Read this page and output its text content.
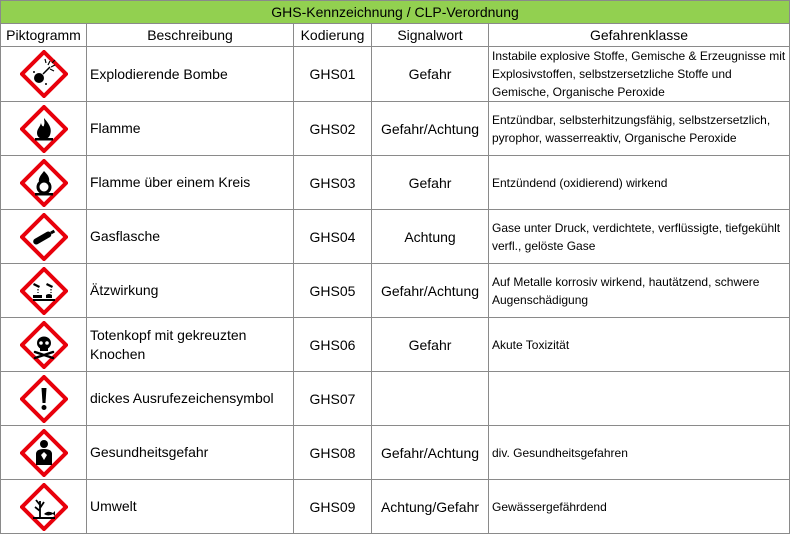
GHS-Kennzeichnung / CLP-Verordnung				
Piktogramm	Beschreibung	Kodierung	Signalwort	Gefahrenklasse

	Explodierende Bombe	GHS01	Gefahr	Instabile explosive Stoffe, Gemische & Erzeugnisse mit Explosivstoffen, selbstzersetzliche Stoffe und Gemische, Organische Peroxide

	Flamme	GHS02	Gefahr/Achtung	Entzündbar, selbsterhitzungsfähig, selbstzersetzlich, pyrophor, wasserreaktiv, Organische Peroxide

	Flamme über einem Kreis	GHS03	Gefahr	Entzündend (oxidierend) wirkend

	Gasflasche	GHS04	Achtung	Gase unter Druck, verdichtete, verflüssigte, tiefgekühlt verfl., gelöste Gase

	Ätzwirkung	GHS05	Gefahr/Achtung	Auf Metalle korrosiv wirkend, hautätzend, schwere Augenschädigung

	Totenkopf mit gekreuzten Knochen	GHS06	Gefahr	Akute Toxizität

	dickes Ausrufezeichensymbol	GHS07		

	Gesundheitsgefahr	GHS08	Gefahr/Achtung	div. Gesundheitsgefahren

	Umwelt	GHS09	Achtung/Gefahr	Gewässergefährdend
